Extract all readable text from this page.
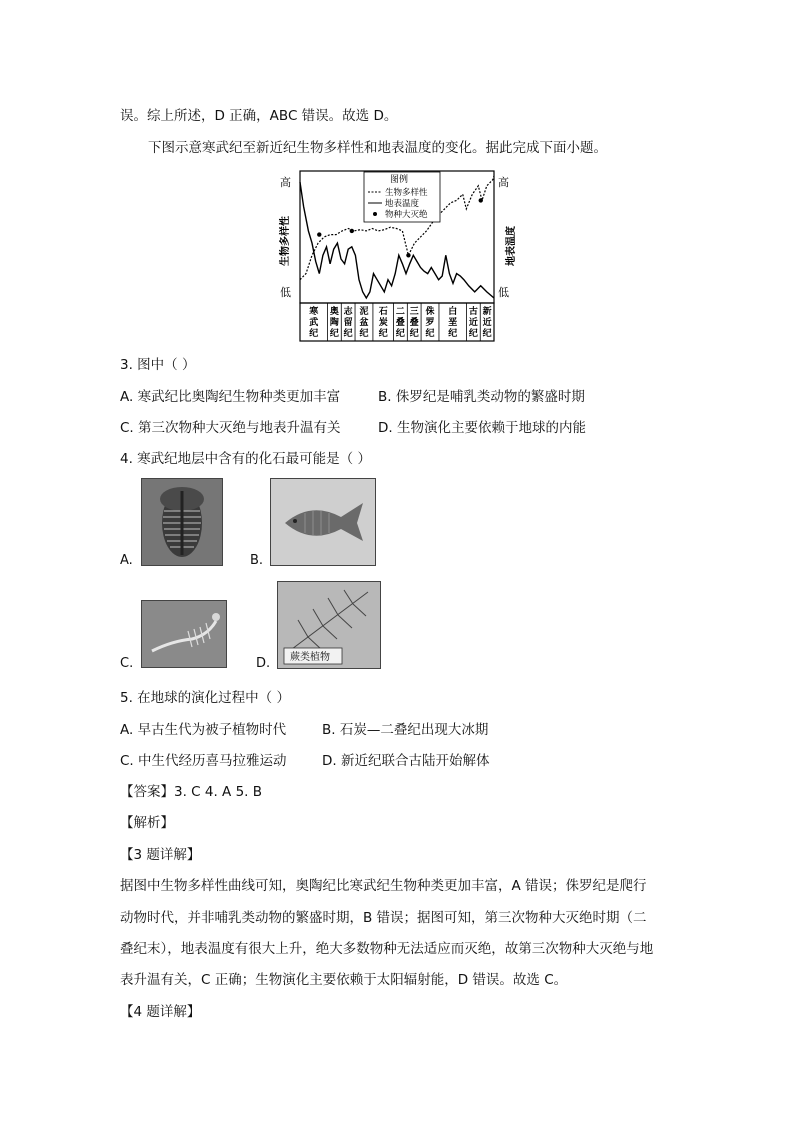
误。综上所述，D 正确，ABC 错误。故选 D。
下图示意寒武纪至新近纪生物多样性和地表温度的变化。据此完成下面小题。
高
低
高
低
生物多样性	地表温度
寒
武
纪
奥
陶
纪
志
留
纪
泥
盆
纪
石
炭
纪
二
叠
纪
三
叠
纪
侏
罗
纪
白
垩
纪
古
近
纪
新
近
纪
图例
生物多样性
地表温度
物种大灭绝
3. 图中（ ）
A. 寒武纪比奥陶纪生物种类更加丰富	B. 侏罗纪是哺乳类动物的繁盛时期
C. 第三次物种大灭绝与地表升温有关	D. 生物演化主要依赖于地球的内能
4. 寒武纪地层中含有的化石最可能是（ ）
A.	B.
C.	蕨类植物
D.
5. 在地球的演化过程中（ ）
A. 早古生代为被子植物时代	B. 石炭—二叠纪出现大冰期
C. 中生代经历喜马拉雅运动	D. 新近纪联合古陆开始解体
【答案】3. C 4. A 5. B
【解析】
【3 题详解】
据图中生物多样性曲线可知，奥陶纪比寒武纪生物种类更加丰富，A 错误；侏罗纪是爬行
动物时代，并非哺乳类动物的繁盛时期，B 错误；据图可知，第三次物种大灭绝时期（二
叠纪末），地表温度有很大上升，绝大多数物种无法适应而灭绝，故第三次物种大灭绝与地
表升温有关，C 正确；生物演化主要依赖于太阳辐射能，D 错误。故选 C。
【4 题详解】
